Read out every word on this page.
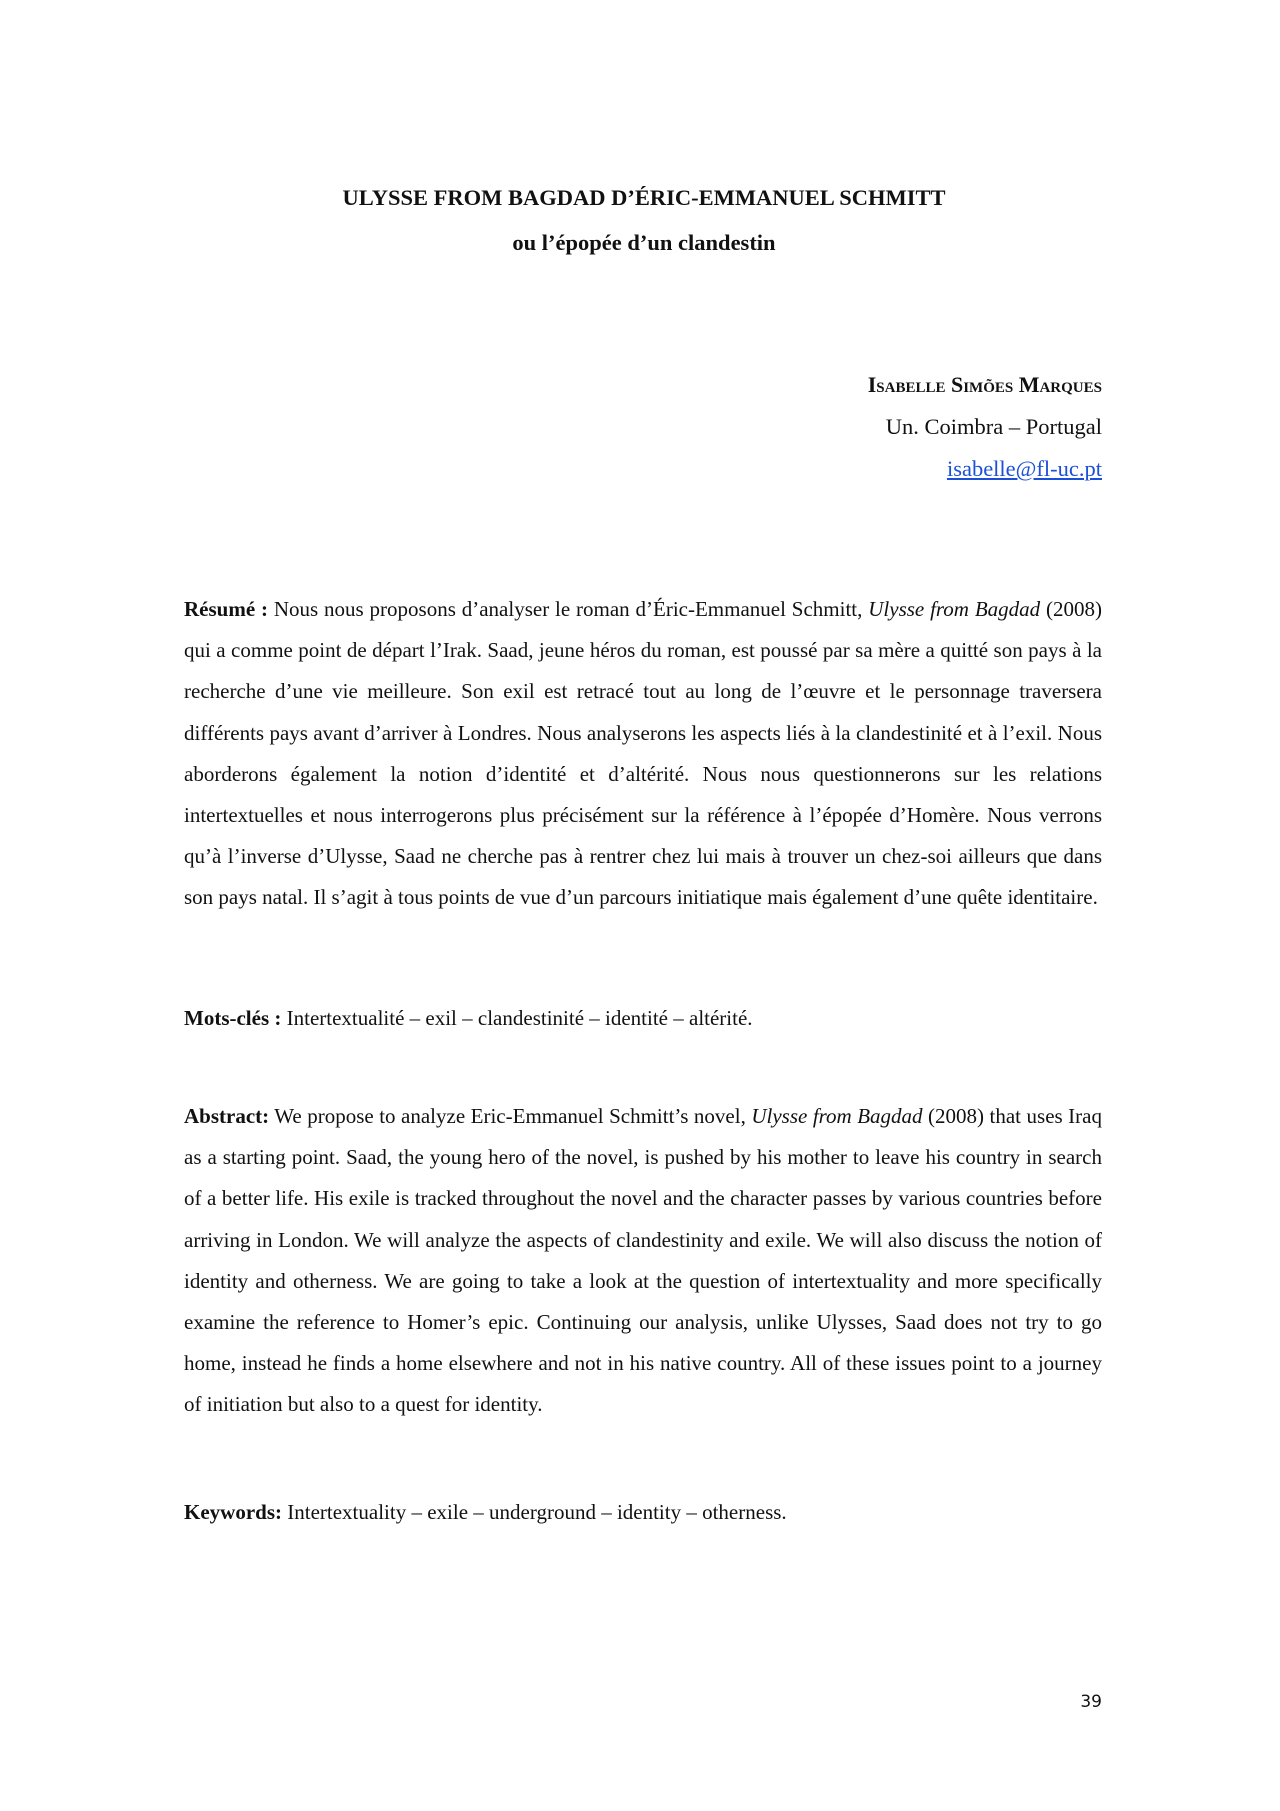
ULYSSE FROM BAGDAD D’ÉRIC-EMMANUEL SCHMITT
ou l’épopée d’un clandestin
Isabelle Simões Marques
Un. Coimbra – Portugal
isabelle@fl-uc.pt

Résumé : Nous nous proposons d’analyser le roman d’Éric-Emmanuel Schmitt, Ulysse from Bagdad (2008) qui a comme point de départ l’Irak. Saad, jeune héros du roman, est poussé par sa mère a quitté son pays à la recherche d’une vie meilleure. Son exil est retracé tout au long de l’œuvre et le personnage traversera différents pays avant d’arriver à Londres. Nous analyserons les aspects liés à la clandestinité et à l’exil. Nous aborderons également la notion d’identité et d’altérité. Nous nous questionnerons sur les relations intertextuelles et nous interrogerons plus précisément sur la référence à l’épopée d’Homère. Nous verrons qu’à l’inverse d’Ulysse, Saad ne cherche pas à rentrer chez lui mais à trouver un chez-soi ailleurs que dans son pays natal. Il s’agit à tous points de vue d’un parcours initiatique mais également d’une quête identitaire.

Mots-clés : Intertextualité – exil – clandestinité – identité – altérité.

Abstract: We propose to analyze Eric-Emmanuel Schmitt’s novel, Ulysse from Bagdad (2008) that uses Iraq as a starting point. Saad, the young hero of the novel, is pushed by his mother to leave his country in search of a better life. His exile is tracked throughout the novel and the character passes by various countries before arriving in London. We will analyze the aspects of clandestinity and exile. We will also discuss the notion of identity and otherness. We are going to take a look at the question of intertextuality and more specifically examine the reference to Homer’s epic. Continuing our analysis, unlike Ulysses, Saad does not try to go home, instead he finds a home elsewhere and not in his native country. All of these issues point to a journey of initiation but also to a quest for identity.

Keywords: Intertextuality – exile – underground – identity – otherness.

39
